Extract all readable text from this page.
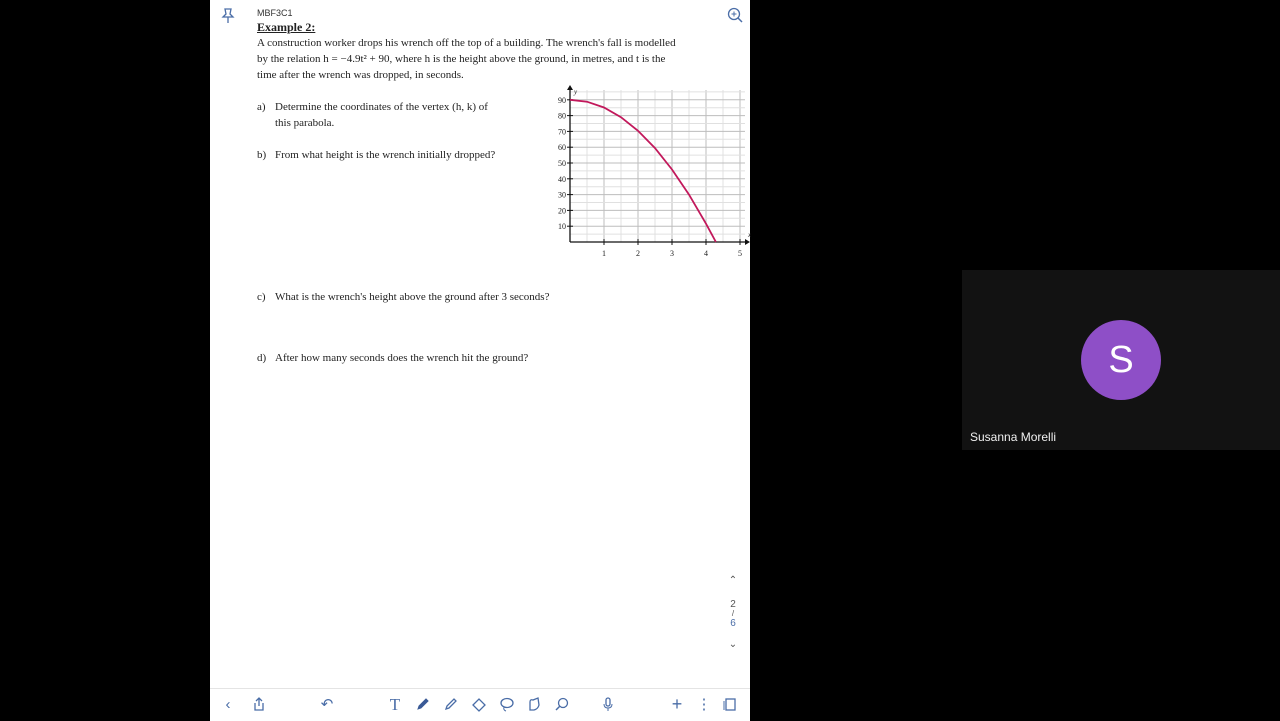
MBF3C1
Example 2:
A construction worker drops his wrench off the top of a building. The wrench's fall is modelled
by the relation h = −4.9t² + 90, where h is the height above the ground, in metres, and t is the
time after the wrench was dropped, in seconds.
a) Determine the coordinates of the vertex (h, k) of
this parabola.
b) From what height is the wrench initially dropped?
c) What is the wrench's height above the ground after 3 seconds?
d) After how many seconds does the wrench hit the ground?
1	2	3	4	5
10
20
30
40
50
60
70
80
90
x
y
⌃
2
/
6
⌄
‹	↶	T	+ ⋮
S
Susanna Morelli
